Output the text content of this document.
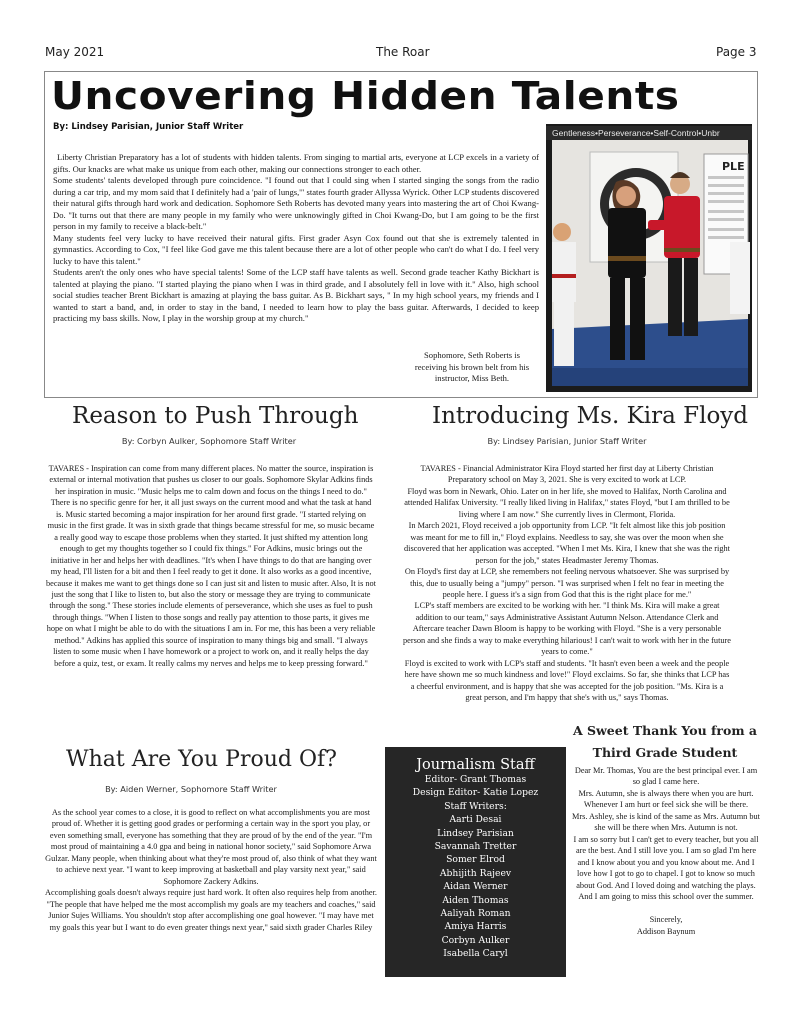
May 2021	The Roar	Page 3
Uncovering Hidden Talents
By: Lindsey Parisian, Junior Staff Writer

Liberty Christian Preparatory has a lot of students with hidden talents. From singing to martial arts, everyone at LCP excels in a variety of gifts. Our knacks are what make us unique from each other, making our connections stronger to each other.

Some students' talents developed through pure coincidence. "I found out that I could sing when I started singing the songs from the radio during a car trip, and my mom said that I definitely had a 'pair of lungs,'" states fourth grader Allyssa Wyrick. Other LCP students discovered their natural gifts through hard work and dedication. Sophomore Seth Roberts has devoted many years into mastering the art of Choi Kwang-Do. "It turns out that there are many people in my family who were unknowingly gifted in Choi Kwang-Do, but I am going to be the first person in my family to receive a black-belt."

Many students feel very lucky to have received their natural gifts. First grader Asyn Cox found out that she is extremely talented in gymnastics. According to Cox, "I feel like God gave me this talent because there are a lot of other people who can't do what I do. I feel very lucky to have this talent."

Students aren't the only ones who have special talents! Some of the LCP staff have talents as well. Second grade teacher Kathy Bickhart is talented at playing the piano. "I started playing the piano when I was in third grade, and I absolutely fell in love with it." Also, high school social studies teacher Brent Bickhart is amazing at playing the bass guitar. As B. Bickhart says, " In my high school years, my friends and I wanted to start a band, and, in order to stay in the band, I needed to learn how to play the bass guitar. Afterwards, I decided to keep practicing my bass skills. Now, I play in the worship group at my church."

Gentleness•Perseverance•Self-Control•Unbr
PLE
Sophomore, Seth Roberts is receiving his brown belt from his instructor, Miss Beth.
Reason to Push Through
By: Corbyn Aulker, Sophomore Staff Writer

TAVARES - Inspiration can come from many different places. No matter the source, inspiration is external or internal motivation that pushes us closer to our goals. Sophomore Skylar Adkins finds her inspiration in music. "Music helps me to calm down and focus on the things I need to do." There is no specific genre for her, it all just sways on the current mood and what the task at hand is. Music started becoming a major inspiration for her around first grade. "I started relying on music in the first grade. It was in sixth grade that things became stressful for me, so music became a really good way to escape those problems when they started. It just shifted my attention long enough to get my thoughts together so I could fix things." For Adkins, music brings out the initiative in her and helps her with deadlines. "It's when I have things to do that are hanging over my head, I'll listen for a bit and then I feel ready to get it done. It also works as a good incentive, because it makes me want to get things done so I can just sit and listen to music after. Also, It is not just the song that I like to listen to, but also the story or message they are trying to communicate through the song." These stories include elements of perseverance, which she uses as fuel to push through things. "When I listen to those songs and really pay attention to those parts, it gives me hope on what I might be able to do with the situations I am in. For me, this has been a very reliable method." Adkins has applied this source of inspiration to many things big and small. "I always listen to some music when I have homework or a project to work on, and it really helps the day before a quiz, test, or exam. It really calms my nerves and helps me to keep pressing forward."

Introducing Ms. Kira Floyd
By: Lindsey Parisian, Junior Staff Writer

TAVARES - Financial Administrator Kira Floyd started her first day at Liberty Christian Preparatory school on May 3, 2021. She is very excited to work at LCP.

Floyd was born in Newark, Ohio. Later on in her life, she moved to Halifax, North Carolina and attended Halifax University. "I really liked living in Halifax," states Floyd, "but I am thrilled to be living where I am now." She currently lives in Clermont, Florida.

In March 2021, Floyd received a job opportunity from LCP. "It felt almost like this job position was meant for me to fill in," Floyd explains. Needless to say, she was over the moon when she discovered that her application was accepted. "When I met Ms. Kira, I knew that she was the right person for the job," states Headmaster Jeremy Thomas.

On Floyd's first day at LCP, she remembers not feeling nervous whatsoever. She was surprised by this, due to usually being a "jumpy" person. "I was surprised when I felt no fear in meeting the people here. I guess it's a sign from God that this is the right place for me."

LCP's staff members are excited to be working with her. "I think Ms. Kira will make a great addition to our team," says Administrative Assistant Autumn Nelson. Attendance Clerk and Aftercare teacher Dawn Bloom is happy to be working with Floyd. "She is a very personable person and she finds a way to make everything hilarious! I can't wait to work with her in the future years to come."

Floyd is excited to work with LCP's staff and students. "It hasn't even been a week and the people here have shown me so much kindness and love!" Floyd exclaims. So far, she thinks that LCP has a cheerful environment, and is happy that she was accepted for the job position. "Ms. Kira is a great person, and I'm happy that she's with us," says Thomas.

What Are You Proud Of?
By: Aiden Werner, Sophomore Staff Writer

As the school year comes to a close, it is good to reflect on what accomplishments you are most proud of. Whether it is getting good grades or performing a certain way in the sport you play, or even something small, everyone has something that they are proud of by the end of the year. "I'm most proud of maintaining a 4.0 gpa and being in national honor society," said Sophomore Arwa Gulzar. Many people, when thinking about what they're most proud of, also think of what they want to achieve next year. "I want to keep improving at basketball and play varsity next year," said Sophomore Zackery Adkins.

Accomplishing goals doesn't always require just hard work. It often also requires help from another. "The people that have helped me the most accomplish my goals are my teachers and coaches," said Junior Sujes Williams. You shouldn't stop after accomplishing one goal however. "I may have met my goals this year but I want to do even greater things next year," said sixth grader Charles Riley

Journalism Staff
Editor- Grant Thomas
Design Editor- Katie Lopez
Staff Writers:
Aarti Desai
Lindsey Parisian
Savannah Tretter
Somer Elrod
Abhijith Rajeev
Aidan Werner
Aiden Thomas
Aaliyah Roman
Amiya Harris
Corbyn Aulker
Isabella Caryl
A Sweet Thank You from a Third Grade Student

Dear Mr. Thomas, You are the best principal ever. I am so glad I came here.

Mrs. Autumn, she is always there when you are hurt. Whenever I am hurt or feel sick she will be there.

Mrs. Ashley, she is kind of the same as Mrs. Autumn but she will be there when Mrs. Autumn is not.

I am so sorry but I can't get to every teacher, but you all are the best. And I still love you. I am so glad I'm here and I know about you and you know about me. And I love how I got to go to chapel. I got to know so much about God. And I loved doing and watching the plays. And I am going to miss this school over the summer.

Sincerely,

Addison Baynum
